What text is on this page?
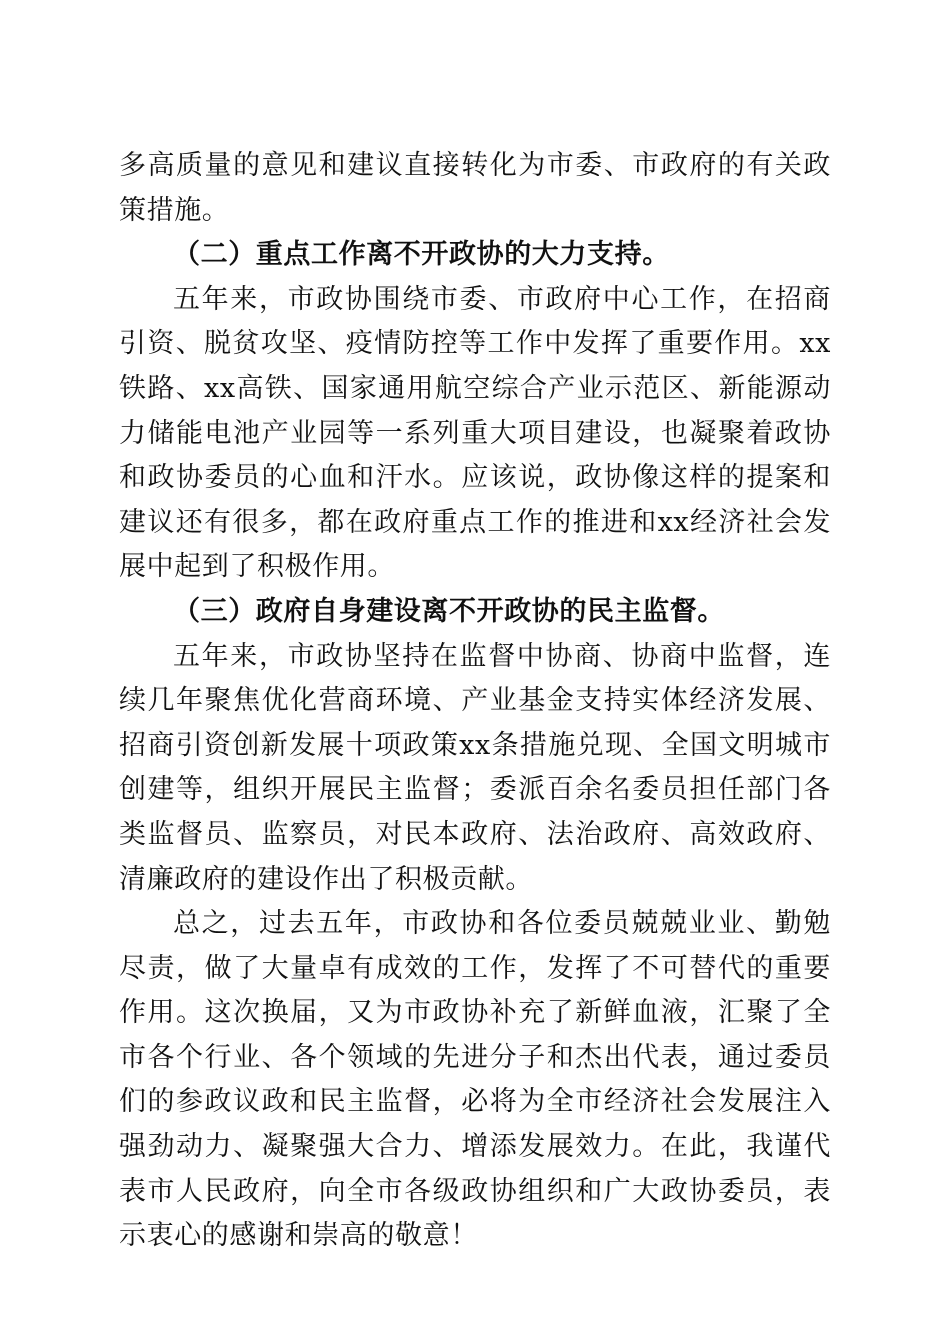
多高质量的意见和建议直接转化为市委、市政府的有关政策措施。

（二）重点工作离不开政协的大力支持。

五年来，市政协围绕市委、市政府中心工作，在招商引资、脱贫攻坚、疫情防控等工作中发挥了重要作用。xx铁路、xx高铁、国家通用航空综合产业示范区、新能源动力储能电池产业园等一系列重大项目建设，也凝聚着政协和政协委员的心血和汗水。应该说，政协像这样的提案和建议还有很多，都在政府重点工作的推进和xx经济社会发展中起到了积极作用。

（三）政府自身建设离不开政协的民主监督。

五年来，市政协坚持在监督中协商、协商中监督，连续几年聚焦优化营商环境、产业基金支持实体经济发展、招商引资创新发展十项政策xx条措施兑现、全国文明城市创建等，组织开展民主监督；委派百余名委员担任部门各类监督员、监察员，对民本政府、法治政府、高效政府、清廉政府的建设作出了积极贡献。

总之，过去五年，市政协和各位委员兢兢业业、勤勉尽责，做了大量卓有成效的工作，发挥了不可替代的重要作用。这次换届，又为市政协补充了新鲜血液，汇聚了全市各个行业、各个领域的先进分子和杰出代表，通过委员们的参政议政和民主监督，必将为全市经济社会发展注入强劲动力、凝聚强大合力、增添发展效力。在此，我谨代表市人民政府，向全市各级政协组织和广大政协委员，表示衷心的感谢和崇高的敬意！
